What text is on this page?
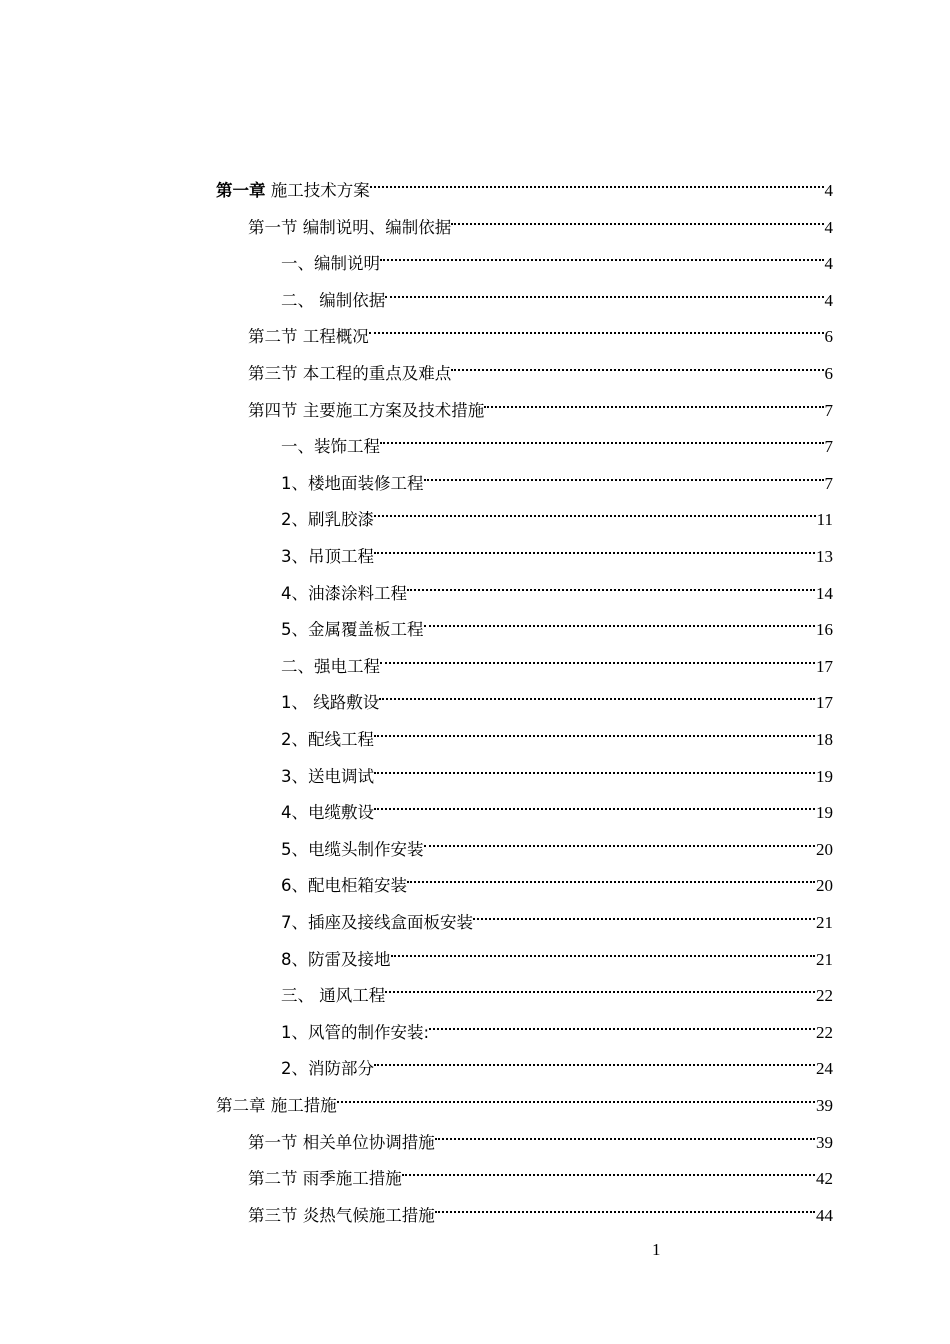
第一章 施工技术方案	4
第一节 编制说明、编制依据	4
一、编制说明	4
二、 编制依据	4
第二节 工程概况	6
第三节 本工程的重点及难点	6
第四节 主要施工方案及技术措施	7
一、装饰工程	7
1、楼地面装修工程	7
2、刷乳胶漆	11
3、吊顶工程	13
4、油漆涂料工程	14
5、金属覆盖板工程	16
二、强电工程	17
1、 线路敷设	17
2、配线工程	18
3、送电调试	19
4、电缆敷设	19
5、电缆头制作安装	20
6、配电柜箱安装	20
7、插座及接线盒面板安装	21
8、防雷及接地	21
三、 通风工程	22
1、风管的制作安装:	22
2、消防部分	24
第二章 施工措施	39
第一节 相关单位协调措施	39
第二节 雨季施工措施	42
第三节 炎热气候施工措施	44
1
